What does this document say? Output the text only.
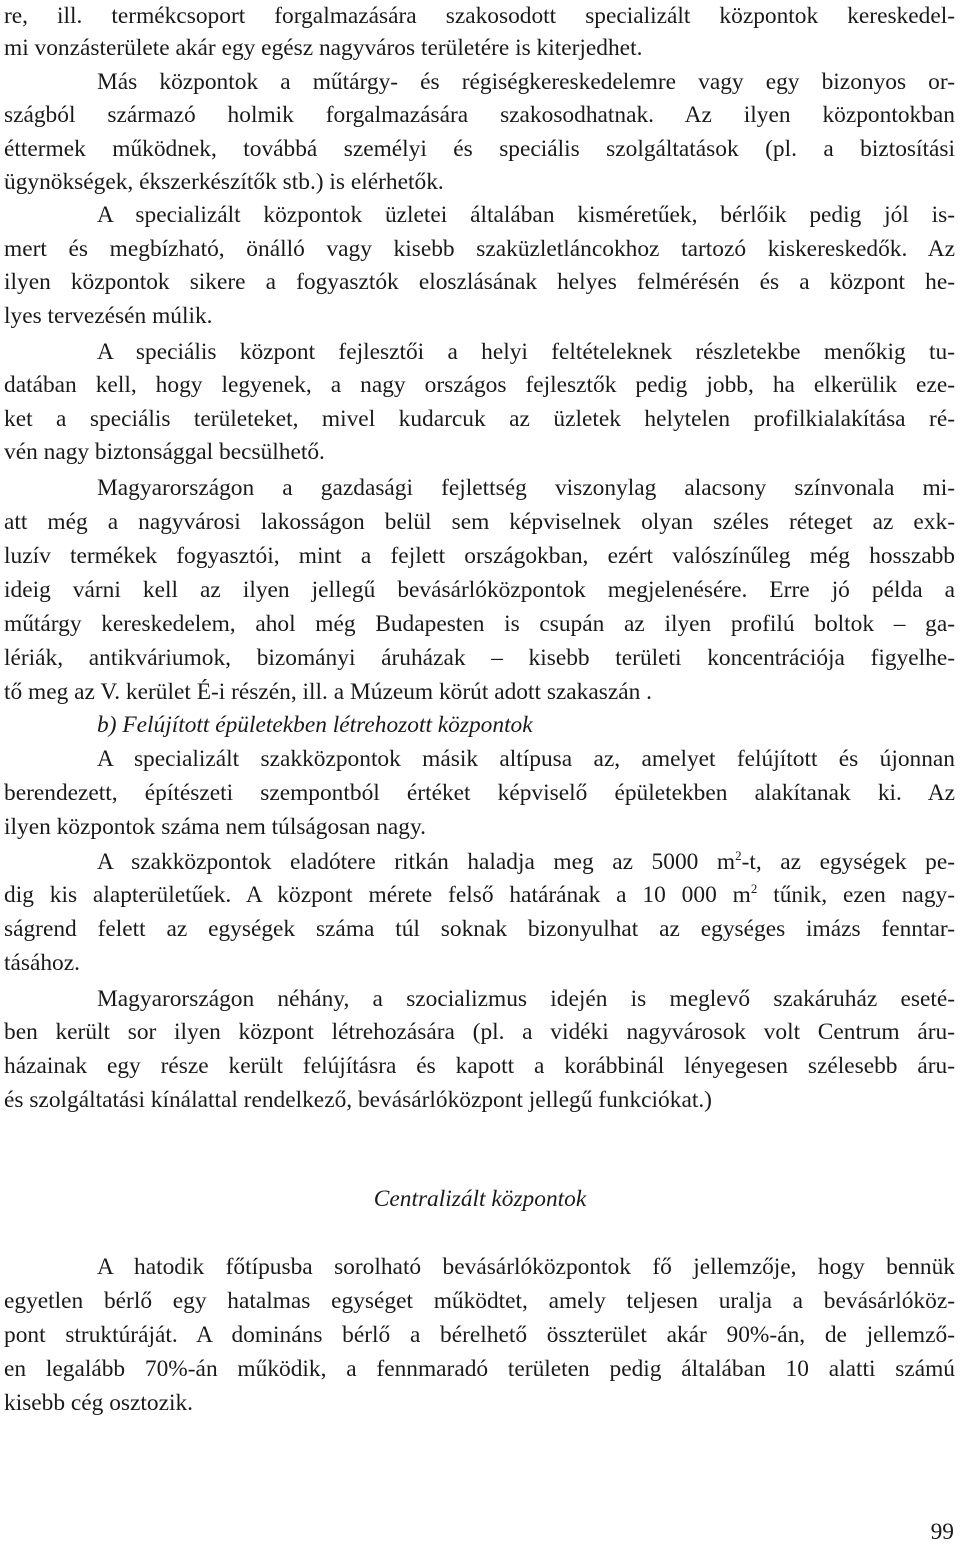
re, ill. termékcsoport forgalmazására szakosodott specializált központok kereskedel-
mi vonzásterülete akár egy egész nagyváros területére is kiterjedhet.
Más központok a műtárgy- és régiségkereskedelemre vagy egy bizonyos or-
szágból származó holmik forgalmazására szakosodhatnak. Az ilyen központokban
éttermek működnek, továbbá személyi és speciális szolgáltatások (pl. a biztosítási
ügynökségek, ékszerkészítők stb.) is elérhetők.
A specializált központok üzletei általában kisméretűek, bérlőik pedig jól is-
mert és megbízható, önálló vagy kisebb szaküzletláncokhoz tartozó kiskereskedők. Az
ilyen központok sikere a fogyasztók eloszlásának helyes felmérésén és a központ he-
lyes tervezésén múlik.
A speciális központ fejlesztői a helyi feltételeknek részletekbe menőkig tu-
datában kell, hogy legyenek, a nagy országos fejlesztők pedig jobb, ha elkerülik eze-
ket a speciális területeket, mivel kudarcuk az üzletek helytelen profilkialakítása ré-
vén nagy biztonsággal becsülhető.
Magyarországon a gazdasági fejlettség viszonylag alacsony színvonala mi-
att még a nagyvárosi lakosságon belül sem képviselnek olyan széles réteget az exk-
luzív termékek fogyasztói, mint a fejlett országokban, ezért valószínűleg még hosszabb
ideig várni kell az ilyen jellegű bevásárlóközpontok megjelenésére. Erre jó példa a
műtárgy kereskedelem, ahol még Budapesten is csupán az ilyen profilú boltok – ga-
lériák, antikváriumok, bizományi áruházak – kisebb területi koncentrációja figyelhe-
tő meg az V. kerület É-i részén, ill. a Múzeum körút adott szakaszán .
b) Felújított épületekben létrehozott központok
A specializált szakközpontok másik altípusa az, amelyet felújított és újonnan
berendezett, építészeti szempontból értéket képviselő épületekben alakítanak ki. Az
ilyen központok száma nem túlságosan nagy.
A szakközpontok eladótere ritkán haladja meg az 5000 $m^2-t$, az egységek pe-
dig kis alapterületűek. A központ mérete felső határának a 10 000 $m^2$ tűnik, ezen nagy-
ságrend felett az egységek száma túl soknak bizonyulhat az egységes imázs fenntar-
tásához.
Magyarországon néhány, a szocializmus idején is meglevő szakáruház eseté-
ben került sor ilyen központ létrehozására (pl. a vidéki nagyvárosok volt Centrum áru-
házainak egy része került felújításra és kapott a korábbinál lényegesen szélesebb áru-
és szolgáltatási kínálattal rendelkező, bevásárlóközpont jellegű funkciókat.)
Centralizált központok
A hatodik főtípusba sorolható bevásárlóközpontok fő jellemzője, hogy bennük
egyetlen bérlő egy hatalmas egységet működtet, amely teljesen uralja a bevásárlóköz-
pont struktúráját. A domináns bérlő a bérelhető összterület akár 90%-án, de jellemző-
en legalább 70%-án működik, a fennmaradó területen pedig általában 10 alatti számú
kisebb cég osztozik.
99
